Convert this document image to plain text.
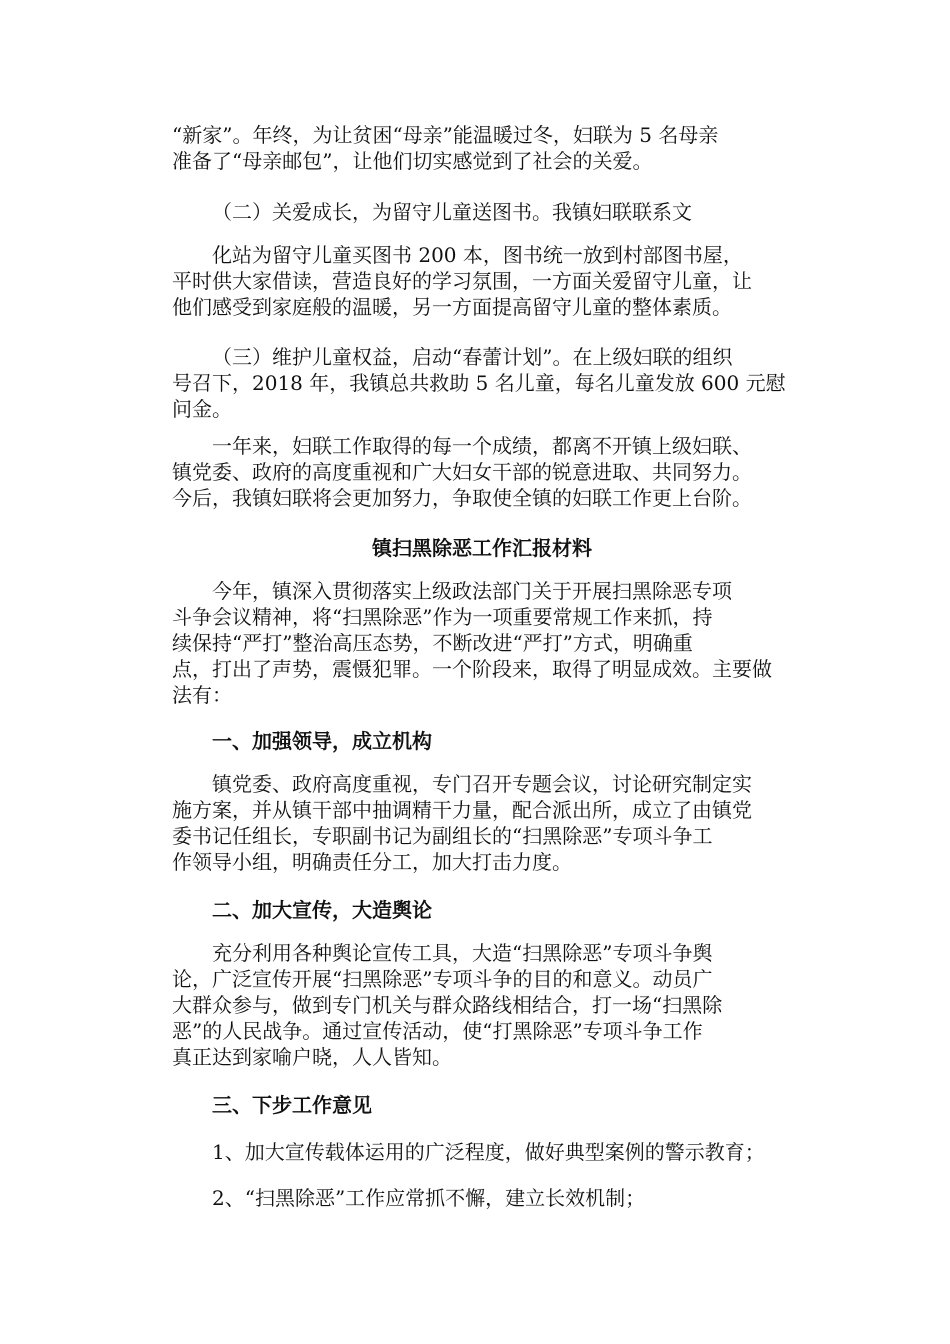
“新家”。年终，为让贫困“母亲”能温暖过冬，妇联为 5 名母亲
准备了“母亲邮包”，让他们切实感觉到了社会的关爱。
（二）关爱成长，为留守儿童送图书。我镇妇联联系文
化站为留守儿童买图书 200 本，图书统一放到村部图书屋，
平时供大家借读，营造良好的学习氛围，一方面关爱留守儿童，让
他们感受到家庭般的温暖，另一方面提高留守儿童的整体素质。
（三）维护儿童权益，启动“春蕾计划”。在上级妇联的组织
号召下，2018 年，我镇总共救助 5 名儿童，每名儿童发放 600 元慰
问金。
一年来，妇联工作取得的每一个成绩，都离不开镇上级妇联、
镇党委、政府的高度重视和广大妇女干部的锐意进取、共同努力。
今后，我镇妇联将会更加努力，争取使全镇的妇联工作更上台阶。
镇扫黑除恶工作汇报材料
今年，镇深入贯彻落实上级政法部门关于开展扫黑除恶专项
斗争会议精神，将“扫黑除恶”作为一项重要常规工作来抓，持
续保持“严打”整治高压态势，不断改进“严打”方式，明确重
点，打出了声势，震慑犯罪。一个阶段来，取得了明显成效。主要做
法有：
一、加强领导，成立机构
镇党委、政府高度重视，专门召开专题会议，讨论研究制定实
施方案，并从镇干部中抽调精干力量，配合派出所，成立了由镇党
委书记任组长，专职副书记为副组长的“扫黑除恶”专项斗争工
作领导小组，明确责任分工，加大打击力度。
二、加大宣传，大造舆论
充分利用各种舆论宣传工具，大造“扫黑除恶”专项斗争舆
论，广泛宣传开展“扫黑除恶”专项斗争的目的和意义。动员广
大群众参与，做到专门机关与群众路线相结合，打一场“扫黑除
恶”的人民战争。通过宣传活动，使“打黑除恶”专项斗争工作
真正达到家喻户晓，人人皆知。
三、下步工作意见
1、加大宣传载体运用的广泛程度，做好典型案例的警示教育；
2、“扫黑除恶”工作应常抓不懈，建立长效机制；
